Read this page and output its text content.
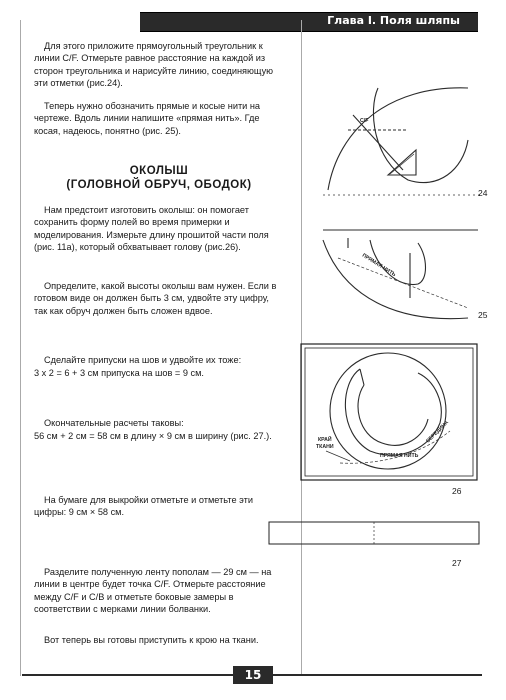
Глава I. Поля шляпы

Для этого приложите прямоугольный треугольник к линии C/F. Отмерьте равное расстояние на каждой из сторон треугольника и нарисуйте линию, соединяющую эти отметки (рис.24).

Теперь нужно обозначить прямые и косые нити на чертеже. Вдоль линии напишите «прямая нить». Где косая, надеюсь, понятно (рис. 25).

ОКОЛЫШ
(ГОЛОВНОЙ ОБРУЧ, ОБОДОК)

Нам предстоит изготовить околыш: он помогает сохранить форму полей во время примерки и моделирования. Измерьте длину прошитой части поля (рис. 11а), который обхватывает голову (рис.26).

Определите, какой высоты околыш вам нужен. Если в готовом виде он должен быть 3 см, удвойте эту цифру, так как обруч должен быть сложен вдвое.

Сделайте припуски на шов и удвойте их тоже:

3 x 2 = 6 + 3 см припуска на шов = 9 см.

Окончательные расчеты таковы:

56 см + 2 см = 58 см в длину × 9 см в ширину (рис. 27.).

На бумаге для выкройки отметьте и отметьте эти цифры: 9 см × 58 см.

Разделите полученную ленту пополам — 29 см — на линии в центре будет точка C/F. Отмерьте расстояние между C/F и C/B и отметьте боковые замеры в соответствии с мерками линии болванки.

Вот теперь вы готовы приступить к крою на ткани.

C/F
24
ПРЯМАЯ НИТЬ
25
ПРЯМАЯ НИТЬ
СЕРЕДИНА
КРАЙ
ТКАНИ
26
27
15
